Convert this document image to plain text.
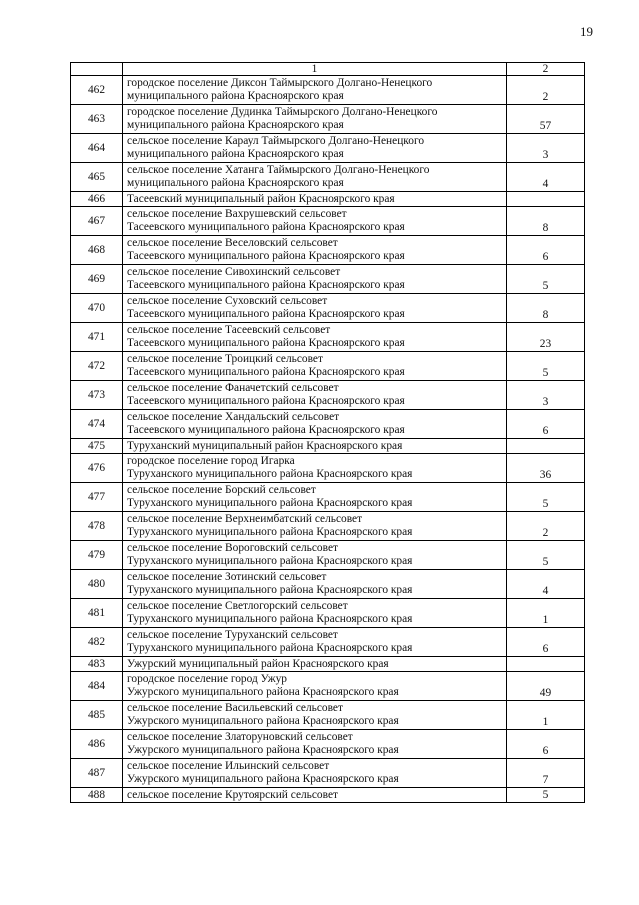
19
	1	2
462	городское поселение Диксон Таймырского Долгано-Ненецкого
муниципального района Красноярского края	2
463	городское поселение Дудинка Таймырского Долгано-Ненецкого
муниципального района Красноярского края	57
464	сельское поселение Караул Таймырского Долгано-Ненецкого
муниципального района Красноярского края	3
465	сельское поселение Хатанга Таймырского Долгано-Ненецкого
муниципального района Красноярского края	4
466	Тасеевский муниципальный район Красноярского края	

467	сельское поселение Вахрушевский сельсовет
Тасеевского муниципального района Красноярского края	8
468	сельское поселение Веселовский сельсовет
Тасеевского муниципального района Красноярского края	6
469	сельское поселение Сивохинский сельсовет
Тасеевского муниципального района Красноярского края	5
470	сельское поселение Суховский сельсовет
Тасеевского муниципального района Красноярского края	8
471	сельское поселение Тасеевский сельсовет
Тасеевского муниципального района Красноярского края	23
472	сельское поселение Троицкий сельсовет
Тасеевского муниципального района Красноярского края	5
473	сельское поселение Фаначетский сельсовет
Тасеевского муниципального района Красноярского края	3
474	сельское поселение Хандальский сельсовет
Тасеевского муниципального района Красноярского края	6
475	Туруханский муниципальный район Красноярского края	

476	городское поселение город Игарка
Туруханского муниципального района Красноярского края	36
477	сельское поселение Борский сельсовет
Туруханского муниципального района Красноярского края	5
478	сельское поселение Верхнеимбатский сельсовет
Туруханского муниципального района Красноярского края	2
479	сельское поселение Вороговский сельсовет
Туруханского муниципального района Красноярского края	5
480	сельское поселение Зотинский сельсовет
Туруханского муниципального района Красноярского края	4
481	сельское поселение Светлогорский сельсовет
Туруханского муниципального района Красноярского края	1
482	сельское поселение Туруханский сельсовет
Туруханского муниципального района Красноярского края	6
483	Ужурский муниципальный район Красноярского края	

484	городское поселение город Ужур
Ужурского муниципального района Красноярского края	49
485	сельское поселение Васильевский сельсовет
Ужурского муниципального района Красноярского края	1
486	сельское поселение Златоруновский сельсовет
Ужурского муниципального района Красноярского края	6
487	сельское поселение Ильинский сельсовет
Ужурского муниципального района Красноярского края	7
488	сельское поселение Крутоярский сельсовет	5
